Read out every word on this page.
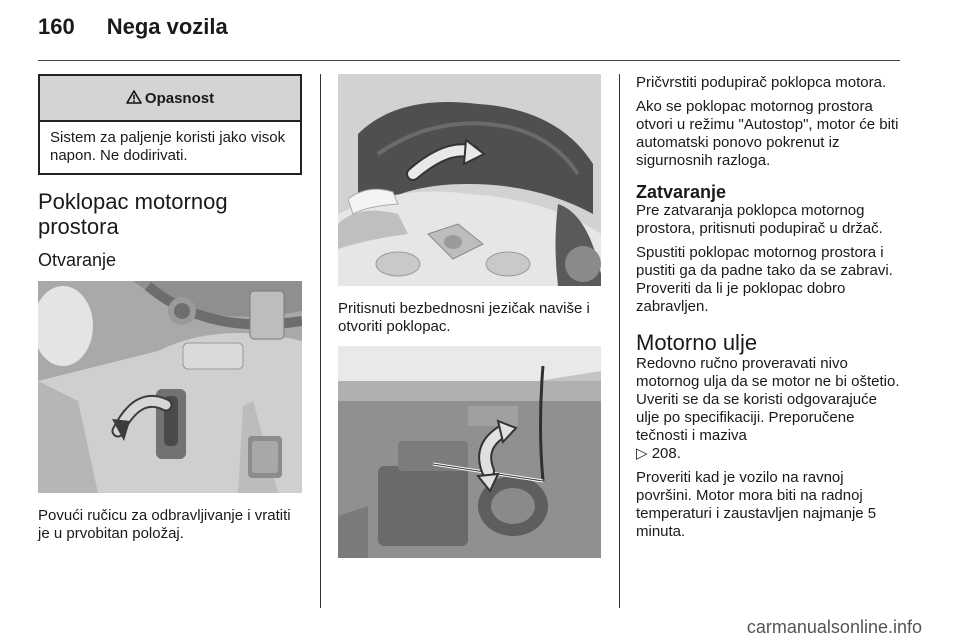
160 Nega vozila
Opasnost
Sistem za paljenje koristi jako visok napon. Ne dodirivati.
Poklopac motornog prostora
Otvaranje

Povući ručicu za odbravljivanje i vratiti je u prvobitan položaj.

Pritisnuti bezbednosni jezičak naviše i otvoriti poklopac.

Pričvrstiti podupirač poklopca motora.

Ako se poklopac motornog prostora otvori u režimu "Autostop", motor će biti automatski ponovo pokrenut iz sigurnosnih razloga.

Zatvaranje

Pre zatvaranja poklopca motornog prostora, pritisnuti podupirač u držač.

Spustiti poklopac motornog prostora i pustiti ga da padne tako da se zabravi. Proveriti da li je poklopac dobro zabravljen.

Motorno ulje

Redovno ručno proveravati nivo motornog ulja da se motor ne bi oštetio. Uveriti se da se koristi odgovarajuće ulje po specifikaciji. Preporučene tečnosti i maziva
▷ 208.

Proveriti kad je vozilo na ravnoj površini. Motor mora biti na radnoj temperaturi i zaustavljen najmanje 5 minuta.

carmanualsonline.info
